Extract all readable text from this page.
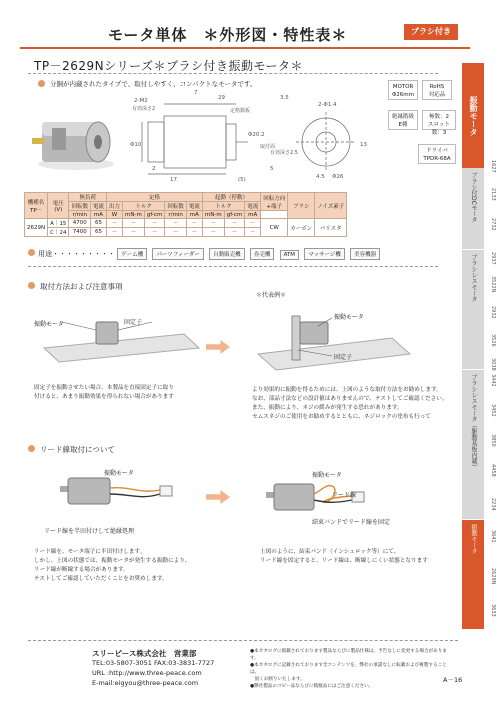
モータ単体　＊外形図・特性表＊	ブラシ付き
TP－2629Nシリーズ＊ブラシ付き振動モータ＊
分銅が内蔵されたタイプで、取付しやすく、コンパクトなモータです。
2-M2
有効深さ2
7
29	3.5
Φ20.2
Φ10
有効深さ2.5
2	5
17	(5)
取付面
2-Φ1.4
13
4.5 Φ26
定格銘板
MOTOR
Φ26mm
RoHS
対応品
絶縁階級
E種
極数：2
スロット数：3
ドライバ
TPDR-68A
振動モータ
ブラシ付DCモータ
ブラシレスモータ
ブラシレスモータ（駆動基板内蔵）
振動モータ
1627
2133
2732
2937
3522N
2932
3526
3038
3442
3452
3850
4458
2234
3641
2629N
3633
機種名
TP－	電圧
(V)	無負荷		定格					起動（停動）			回転方向
+端子	ブラシ	ノイズ素子
		回転数	電流	出力	トルク		回転数	電流	トルク		電流			
		r/min	mA	W	mN-m	gf-cm	r/min	mA	mN-m	gf-cm	mA			
2629N	A｜15	4700	65	－	－	－	－	－	－	－	－	CW	カーボン	バリスタ
	C｜24	7400	65	－	－	－	－	－	－	－	－			
用途・・・・・・・・・ ゲーム機 パーツフィーダー 自動販売機 券売機 ATM マッサージ機 美容機器
取付方法および注意事項
＊代表例＊
振動モータ	固定子
振動モータ
固定子
固定子を振動させたい場合、本製品を直接固定子に取り
付けると、あまり振動効果を得られない場合があります
より効果的に振動を得るためには、上図のような取付方法をお勧めします。
なお、部品寸法などの設計値はありませんので、テストしてご確認ください。
また、振動により、ネジの緩みが発生する恐れがあります。
セムスネジのご使用をお勧めするとともに、ネジロックの塗布も行って
リード線取付について
振動モータ
リード線を半田付けして絶縁処理
振動モータ
リード線
結束バンドでリード線を固定
リード線を、モータ端子に半田付けします。
しかし、上図の状態では、振動モータが発生する振動により、
リード線が断線する場合があります。
テストしてご確認していただくことをお奨めします。
上図のように、結束バンド（インシュロック等）にて、
リード線を固定すると、リード線は、断線しにくい状態となります
スリーピース株式会社　営業部
TEL:03-5807-3051 FAX:03-3831-7727
URL :http://www.three-peace.com
E-mail:eigyou@three-peace.com
●本カタログに掲載されております製品ならびに製品仕様は、予告なしに変更する場合があります。
●本カタログに記載されております全コンテンツを、弊社の承諾なしに転載および複製することは、
　固くお断りいたします。
●弊社製品のコピー品ならびに模倣品にはご注意ください。
A－16
